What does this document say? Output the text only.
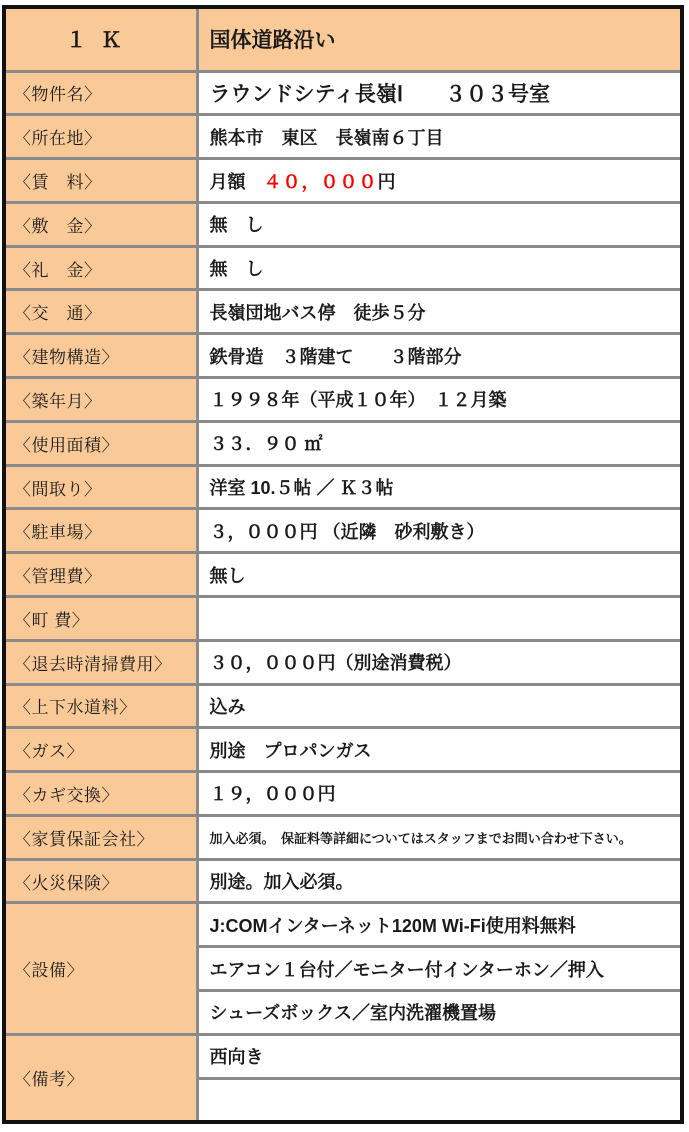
１Ｋ	国体道路沿い
〈物件名〉	ラウンドシティ長嶺Ⅰ　　３０３号室
〈所在地〉	熊本市　東区　長嶺南６丁目
〈賃　料〉	月額　４０，０００円
〈敷　金〉	無　し
〈礼　金〉	無　し
〈交　通〉	長嶺団地バス停　徒歩５分
〈建物構造〉	鉄骨造　３階建て　　３階部分
〈築年月〉	１９９８年（平成１０年）　１２月築
〈使用面積〉	３３．９０ ㎡
〈間取り〉	洋室 10.５帖 ／ Ｋ３帖
〈駐車場〉	３，０００円 （近隣　砂利敷き）
〈管理費〉	無し
〈町 費〉	
〈退去時清掃費用〉	３０，０００円（別途消費税）
〈上下水道料〉	込み
〈ガス〉	別途　プロパンガス
〈カギ交換〉	１９，０００円
〈家賃保証会社〉	加入必須。　保証料等詳細についてはスタッフまでお問い合わせ下さい。
〈火災保険〉	別途。加入必須。
〈設備〉	J:COMインターネット120M Wi-Fi使用料無料
	エアコン１台付／モニター付インターホン／押入
	シューズボックス／室内洗濯機置場
〈備考〉	西向き
